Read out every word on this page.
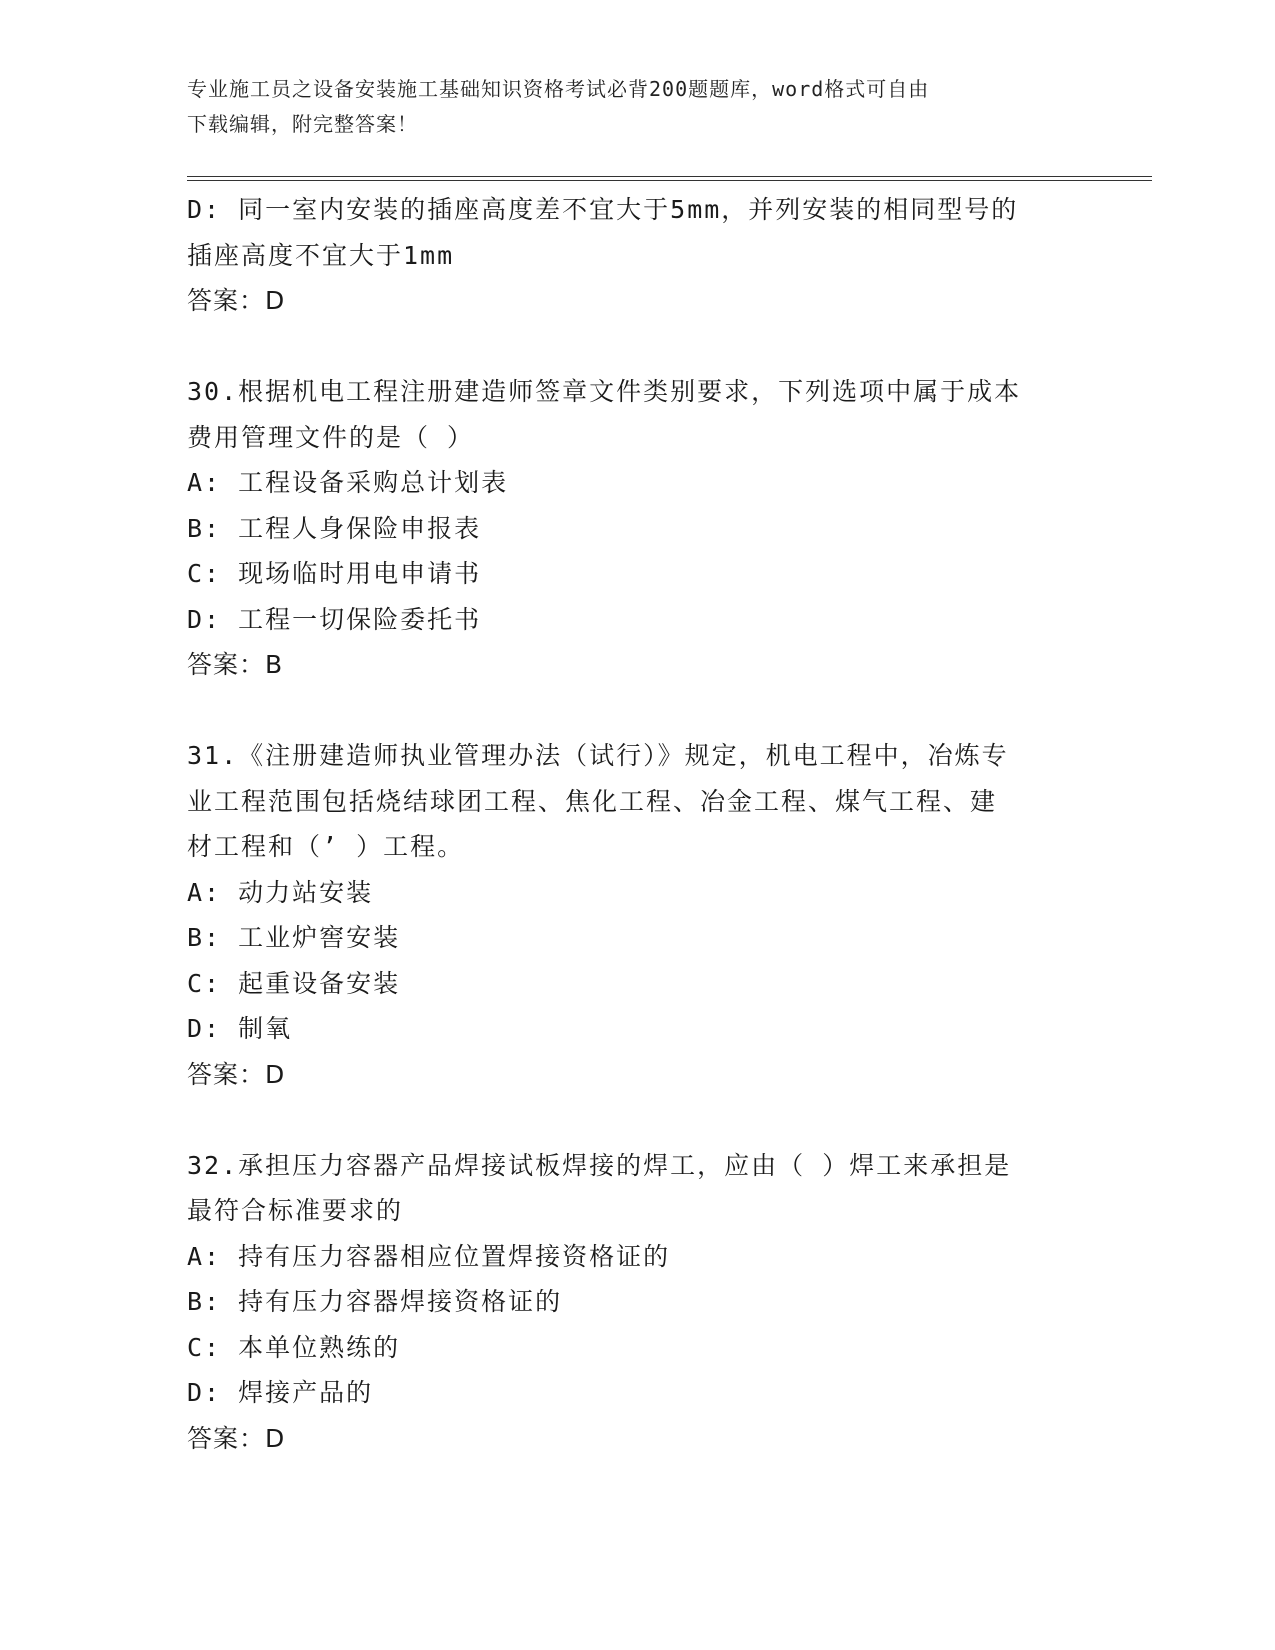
专业施工员之设备安装施工基础知识资格考试必背200题题库，word格式可自由
下载编辑，附完整答案！
D: 同一室内安装的插座高度差不宜大于5mm，并列安装的相同型号的
插座高度不宜大于1mm
答案：D
30.根据机电工程注册建造师签章文件类别要求，下列选项中属于成本
费用管理文件的是（ ）
A: 工程设备采购总计划表
B: 工程人身保险申报表
C: 现场临时用电申请书
D: 工程一切保险委托书
答案：B
31.《注册建造师执业管理办法（试行）》规定，机电工程中，冶炼专
业工程范围包括烧结球团工程、焦化工程、冶金工程、煤气工程、建
材工程和（’ ）工程。
A: 动力站安装
B: 工业炉窖安装
C: 起重设备安装
D: 制氧
答案：D
32.承担压力容器产品焊接试板焊接的焊工，应由（ ）焊工来承担是
最符合标准要求的
A: 持有压力容器相应位置焊接资格证的
B: 持有压力容器焊接资格证的
C: 本单位熟练的
D: 焊接产品的
答案：D
